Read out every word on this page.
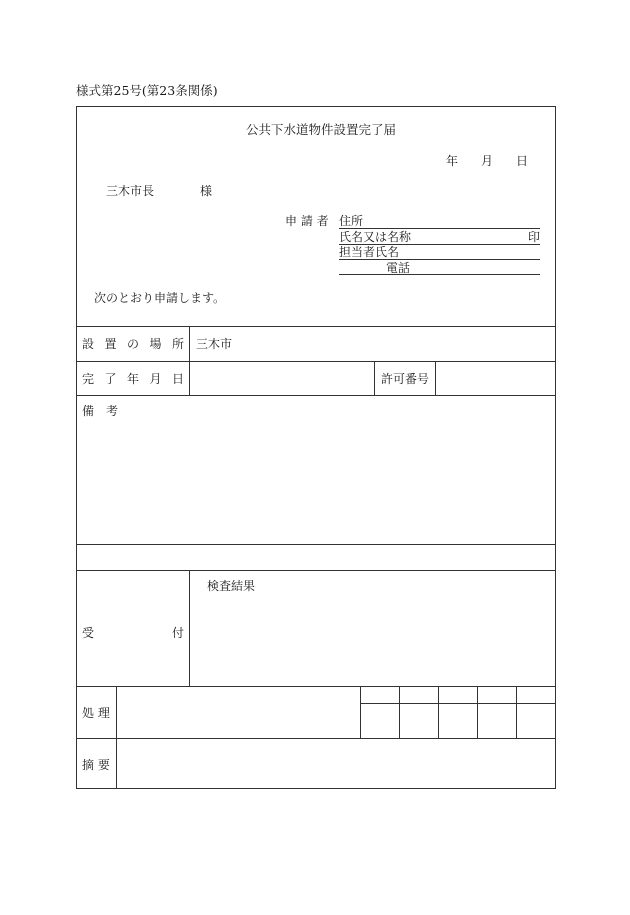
様式第25号(第23条関係)
公共下水道物件設置完了届
年 月 日
三木市長	様
申 請 者 住所
氏名又は名称	印
担当者氏名
電話
次のとおり申請します。
設 置 の 場 所 三木市
完 了 年 月 日	許可番号
備　考
受	付
検査結果
処 理
摘 要
